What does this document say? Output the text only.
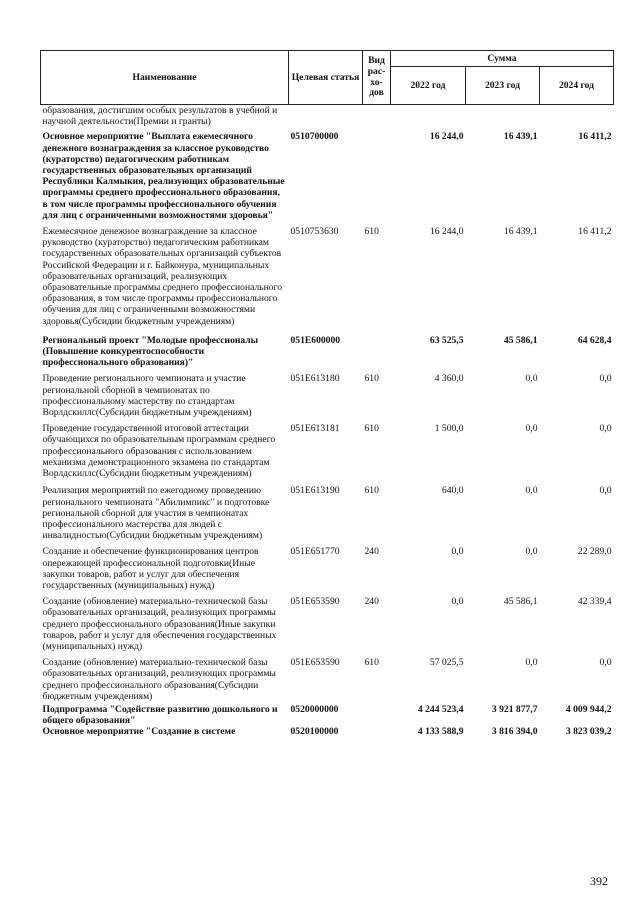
Наименование	Целевая статья	Вид рас-хо-дов	Сумма		
			2022 год	2023 год	2024 год
образования, достигшим особых результатов в учебной и научной деятельности(Премии и гранты)					
Основное мероприятие "Выплата ежемесячного денежного вознаграждения за классное руководство (кураторство) педагогическим работникам государственных образовательных организаций Республики Калмыкия, реализующих образовательные программы среднего профессионального образования, в том числе программы профессионального обучения для лиц с ограниченными возможностями здоровья"	0510700000		16 244,0	16 439,1	16 411,2
Ежемесячное денежное вознаграждение за классное руководство (кураторство) педагогическим работникам государственных образовательных организаций субъектов Российской Федерации и г. Байконура, муниципальных образовательных организаций, реализующих образовательные программы среднего профессионального образования, в том числе программы профессионального обучения для лиц с ограниченными возможностями здоровья(Субсидии бюджетным учреждениям)	0510753630	610	16 244,0	16 439,1	16 411,2
Региональный проект "Молодые профессионалы (Повышение конкурентоспособности профессионального образования)"	051E600000		63 525,5	45 586,1	64 628,4
Проведение регионального чемпионата и участие региональной сборной в чемпионатах по профессиональному мастерству по стандартам Ворлдскиллс(Субсидии бюджетным учреждениям)	051E613180	610	4 360,0	0,0	0,0
Проведение государственной итоговой аттестации обучающихся по образовательным программам среднего профессионального образования с использованием механизма демонстрационного экзамена по стандартам Ворлдскиллс(Субсидии бюджетным учреждениям)	051E613181	610	1 500,0	0,0	0,0
Реализация мероприятий по ежегодному проведению регионального чемпионата "Абилимпикс" и подготовке региональной сборной для участия в чемпионатах профессионального мастерства для людей с инвалидностью(Субсидии бюджетным учреждениям)	051E613190	610	640,0	0,0	0,0
Создание и обеспечение функционирования центров опережающей профессиональной подготовки(Иные закупки товаров, работ и услуг для обеспечения государственных (муниципальных) нужд)	051E651770	240	0,0	0,0	22 289,0
Создание (обновление) материально-технической базы образовательных организаций, реализующих программы среднего профессионального образования(Иные закупки товаров, работ и услуг для обеспечения государственных (муниципальных) нужд)	051E653590	240	0,0	45 586,1	42 339,4
Создание (обновление) материально-технической базы образовательных организаций, реализующих программы среднего профессионального образования(Субсидии бюджетным учреждениям)	051E653590	610	57 025,5	0,0	0,0
Подпрограмма "Содействие развитию дошкольного и общего образования"	0520000000		4 244 523,4	3 921 877,7	4 009 944,2
Основное мероприятие "Создание в системе	0520100000		4 133 588,9	3 816 394,0	3 823 039,2
392
